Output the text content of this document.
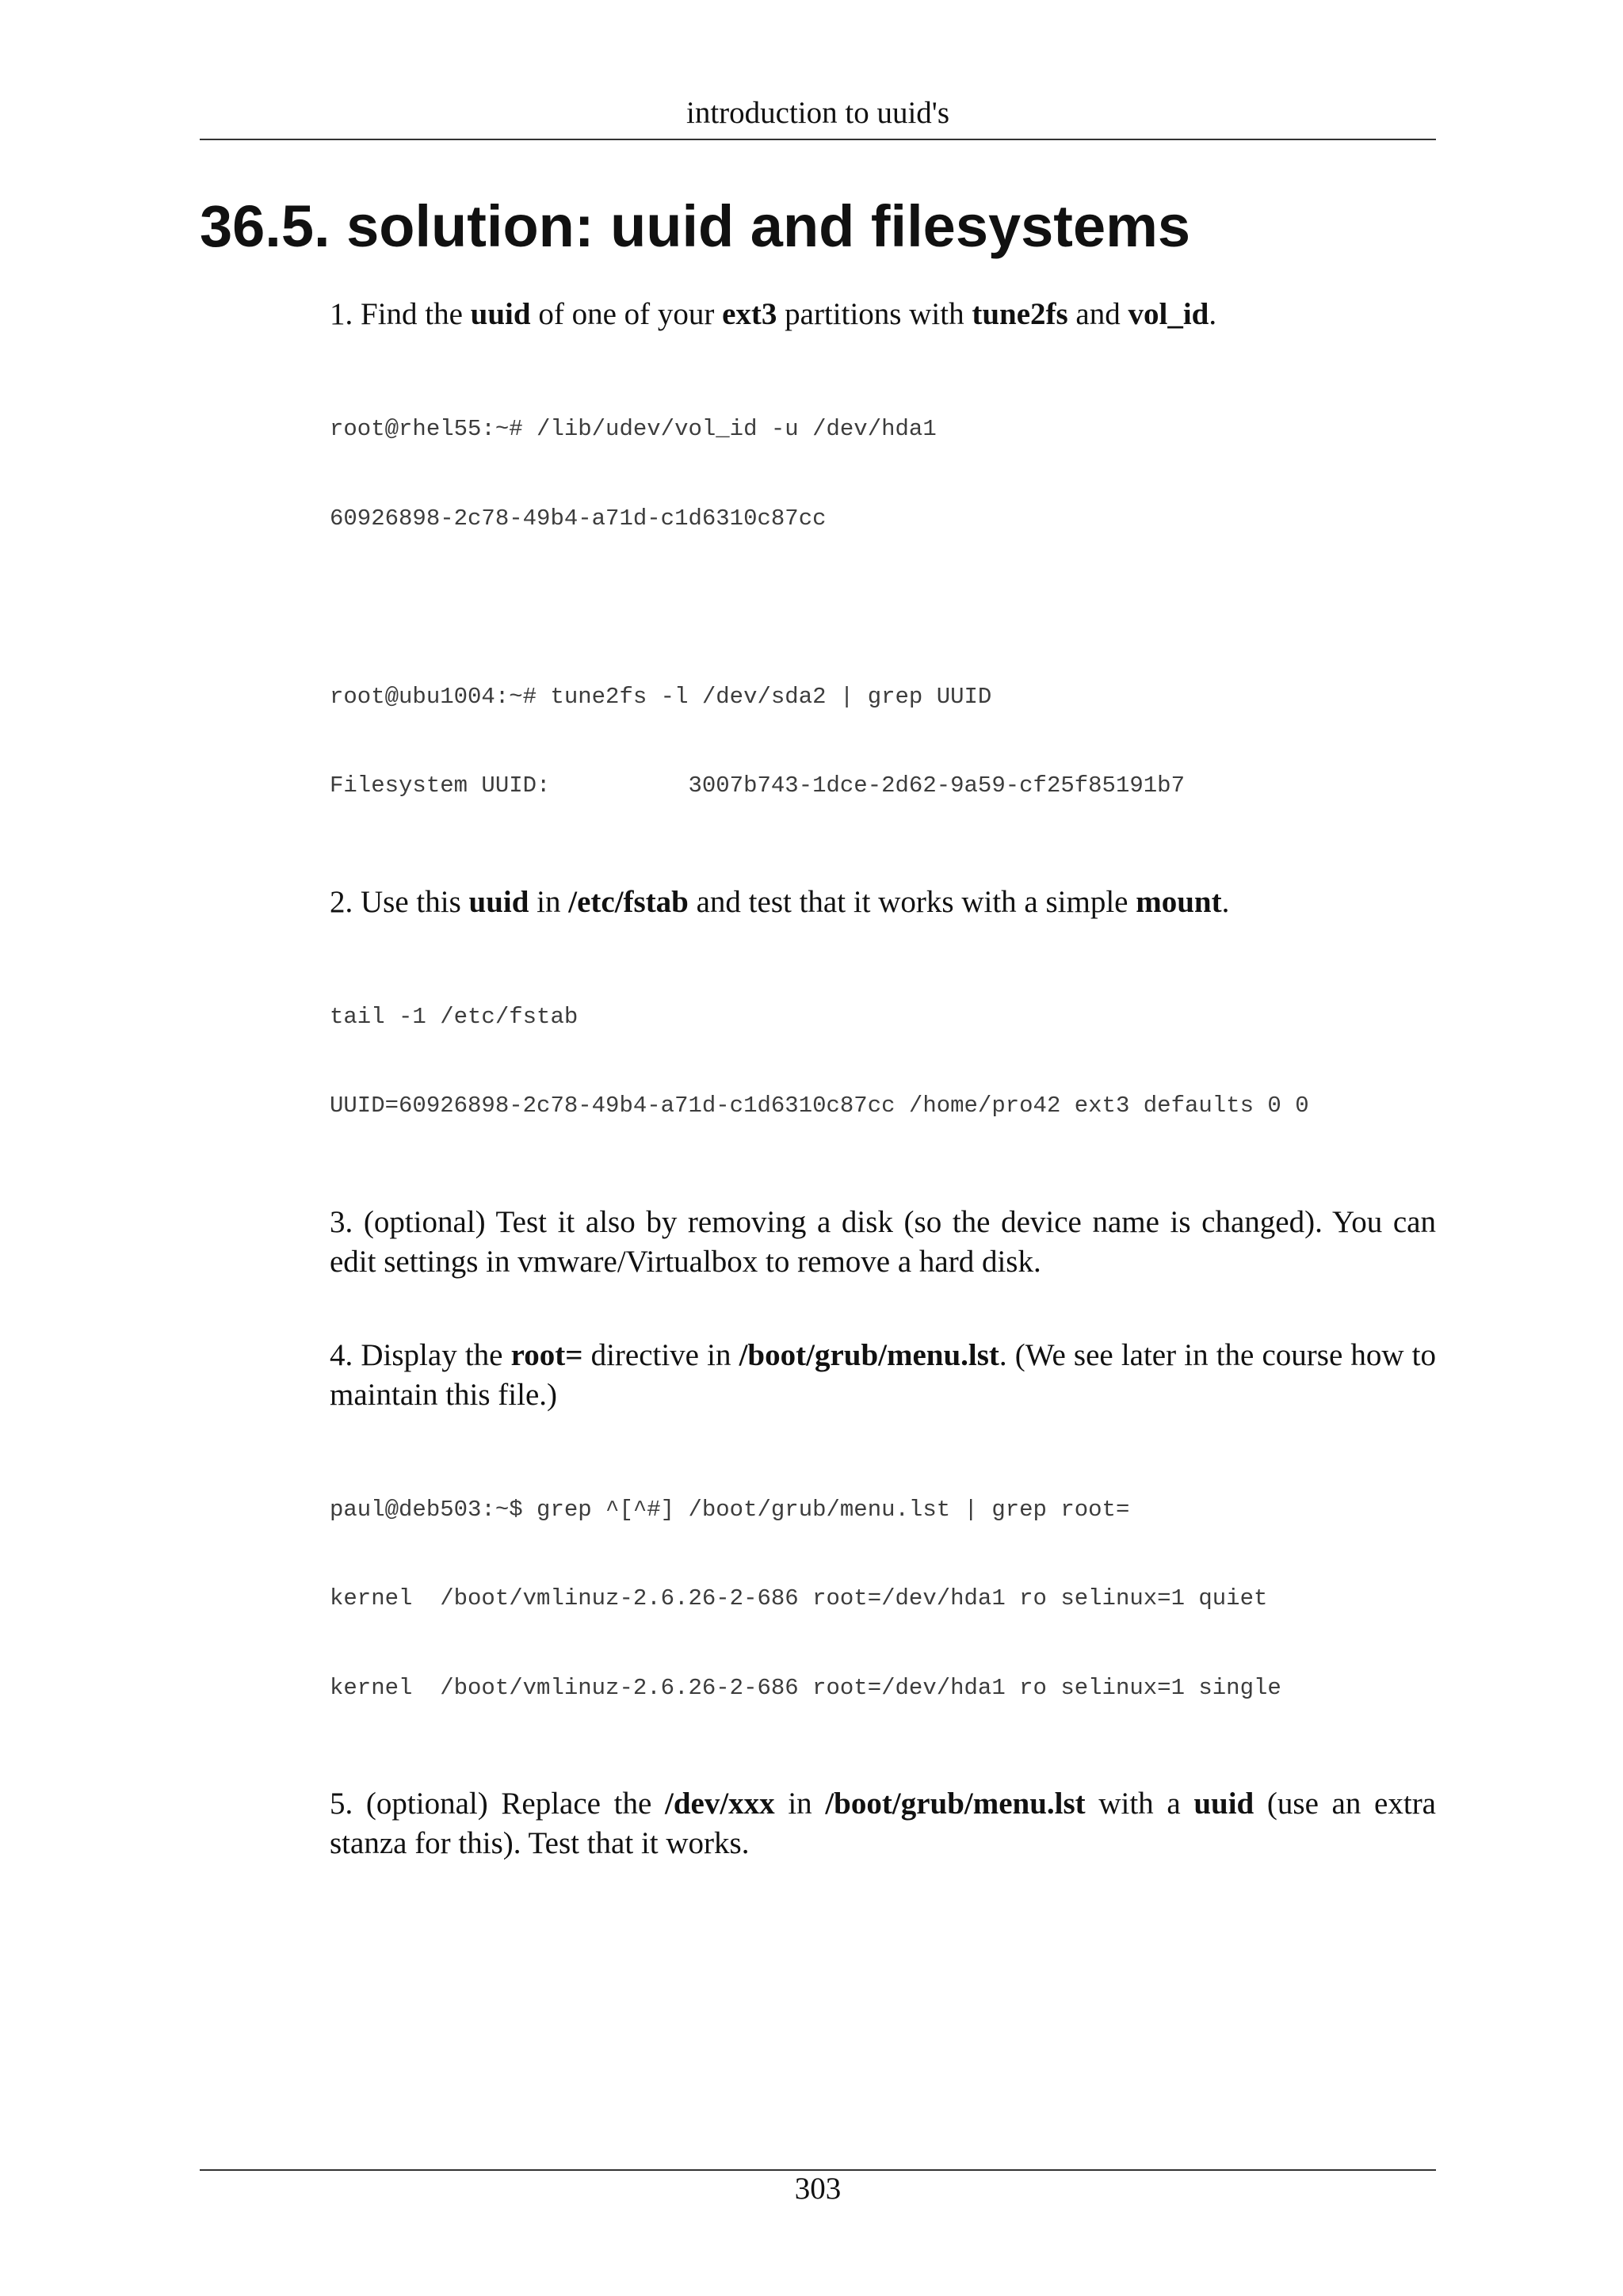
introduction to uuid's
36.5. solution: uuid and filesystems

1. Find the uuid of one of your ext3 partitions with tune2fs and vol_id.

root@rhel55:~# /lib/udev/vol_id -u /dev/hda1

60926898-2c78-49b4-a71d-c1d6310c87cc

root@ubu1004:~# tune2fs -l /dev/sda2 | grep UUID

Filesystem UUID:          3007b743-1dce-2d62-9a59-cf25f85191b7

2. Use this uuid in /etc/fstab and test that it works with a simple mount.

tail -1 /etc/fstab

UUID=60926898-2c78-49b4-a71d-c1d6310c87cc /home/pro42 ext3 defaults 0 0

3. (optional) Test it also by removing a disk (so the device name is changed). You can edit settings in vmware/Virtualbox to remove a hard disk.

4. Display the root= directive in /boot/grub/menu.lst. (We see later in the course how to maintain this file.)

paul@deb503:~$ grep ^[^#] /boot/grub/menu.lst | grep root=

kernel  /boot/vmlinuz-2.6.26-2-686 root=/dev/hda1 ro selinux=1 quiet

kernel  /boot/vmlinuz-2.6.26-2-686 root=/dev/hda1 ro selinux=1 single

5. (optional) Replace the /dev/xxx in /boot/grub/menu.lst with a uuid (use an extra stanza for this). Test that it works.

303
